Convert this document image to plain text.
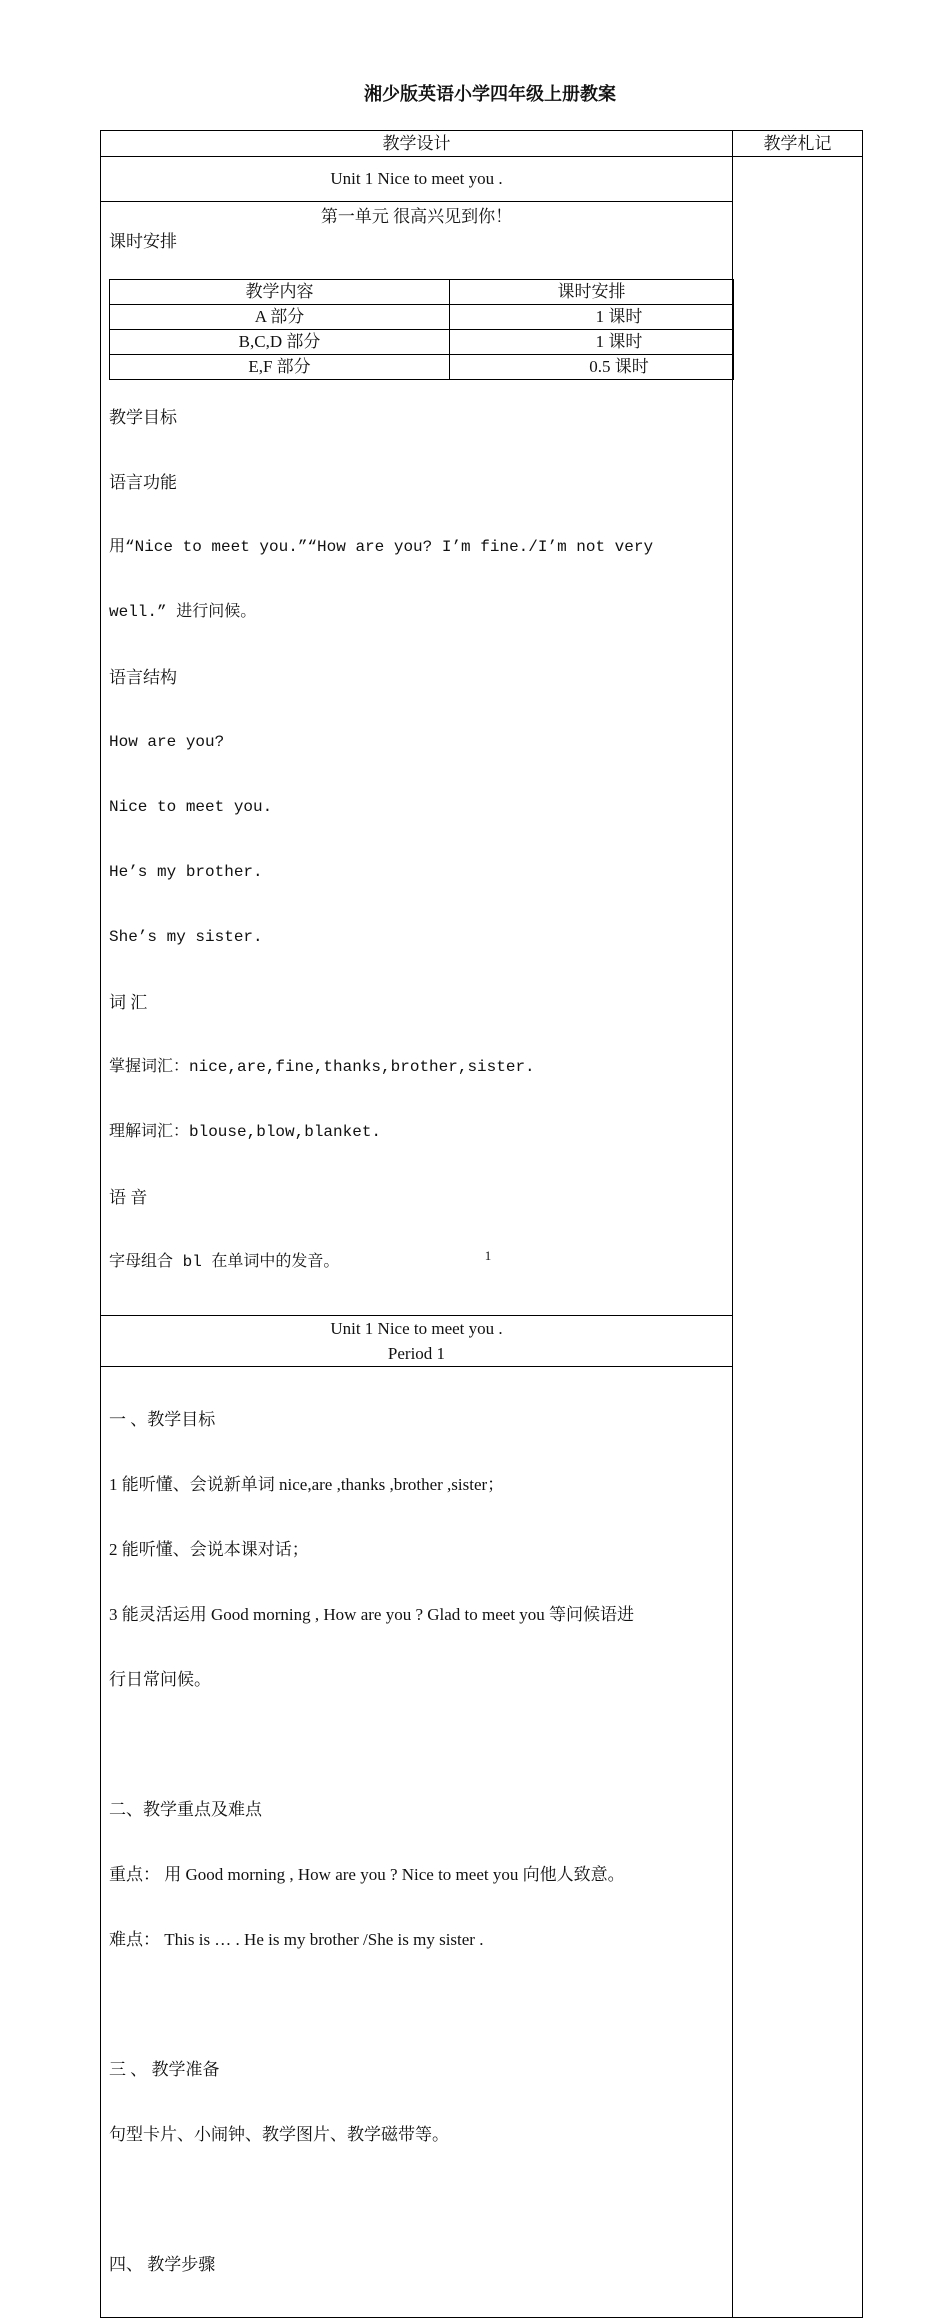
湘少版英语小学四年级上册教案
教学设计	教学札记
Unit 1 Nice to meet you .	

第一单元 很高兴见到你！
课时安排
教学内容	课时安排
A 部分	1 课时
B,C,D 部分	1 课时
E,F 部分	0.5 课时
教学目标

语言功能

用“Nice to meet you.”“How are you? I’m fine./I’m not very

well.” 进行问候。

语言结构

How are you?

Nice to meet you.

He’s my brother.

She’s my sister.

词 汇

掌握词汇：nice,are,fine,thanks,brother,sister.

理解词汇：blouse,blow,blanket.

语 音

字母组合 bl 在单词中的发音。

Unit 1 Nice to meet you .
Period 1

一 、教学目标

1 能听懂、会说新单词 nice,are ,thanks ,brother ,sister；

2 能听懂、会说本课对话；

3 能灵活运用 Good morning , How are you ? Glad to meet you 等问候语进

行日常问候。

二、教学重点及难点

重点： 用 Good morning , How are you ? Nice to meet you 向他人致意。

难点： This is … . He is my brother /She is my sister .

三 、 教学准备

句型卡片、小闹钟、教学图片、教学磁带等。

四、 教学步骤

1
